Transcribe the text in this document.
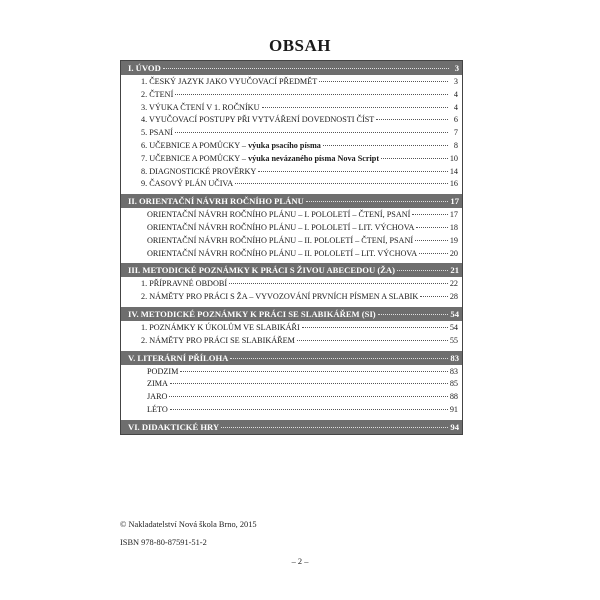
OBSAH
I. ÚVOD	3
1. ČESKÝ JAZYK JAKO VYUČOVACÍ PŘEDMĚT	3
2. ČTENÍ	4
3. VÝUKA ČTENÍ V 1. ROČNÍKU	4
4. VYUČOVACÍ POSTUPY PŘI VYTVÁŘENÍ DOVEDNOSTI ČÍST	6
5. PSANÍ	7
6. UČEBNICE A POMŮCKY – výuka psacího písma	8
7. UČEBNICE A POMŮCKY – výuka nevázaného písma Nova Script	10
8. DIAGNOSTICKÉ PROVĚRKY	14
9. ČASOVÝ PLÁN UČIVA	16
II. ORIENTAČNÍ NÁVRH ROČNÍHO PLÁNU	17
ORIENTAČNÍ NÁVRH ROČNÍHO PLÁNU – I. POLOLETÍ – ČTENÍ, PSANÍ	17
ORIENTAČNÍ NÁVRH ROČNÍHO PLÁNU – I. POLOLETÍ – LIT. VÝCHOVA	18
ORIENTAČNÍ NÁVRH ROČNÍHO PLÁNU – II. POLOLETÍ – ČTENÍ, PSANÍ	19
ORIENTAČNÍ NÁVRH ROČNÍHO PLÁNU – II. POLOLETÍ – LIT. VÝCHOVA	20
III. METODICKÉ POZNÁMKY K PRÁCI S ŽIVOU ABECEDOU (ŽA)	21
1. PŘÍPRAVNÉ OBDOBÍ	22
2. NÁMĚTY PRO PRÁCI S ŽA – VYVOZOVÁNÍ PRVNÍCH PÍSMEN A SLABIK	28
IV. METODICKÉ POZNÁMKY K PRÁCI SE SLABIKÁŘEM (SI)	54
1. POZNÁMKY K ÚKOLŮM VE SLABIKÁŘI	54
2. NÁMĚTY PRO PRÁCI SE SLABIKÁŘEM	55
V. LITERÁRNÍ PŘÍLOHA	83
PODZIM	83
ZIMA	85
JARO	88
LÉTO	91
VI. DIDAKTICKÉ HRY	94
© Nakladatelství Nová škola Brno, 2015
ISBN 978-80-87591-51-2
– 2 –
